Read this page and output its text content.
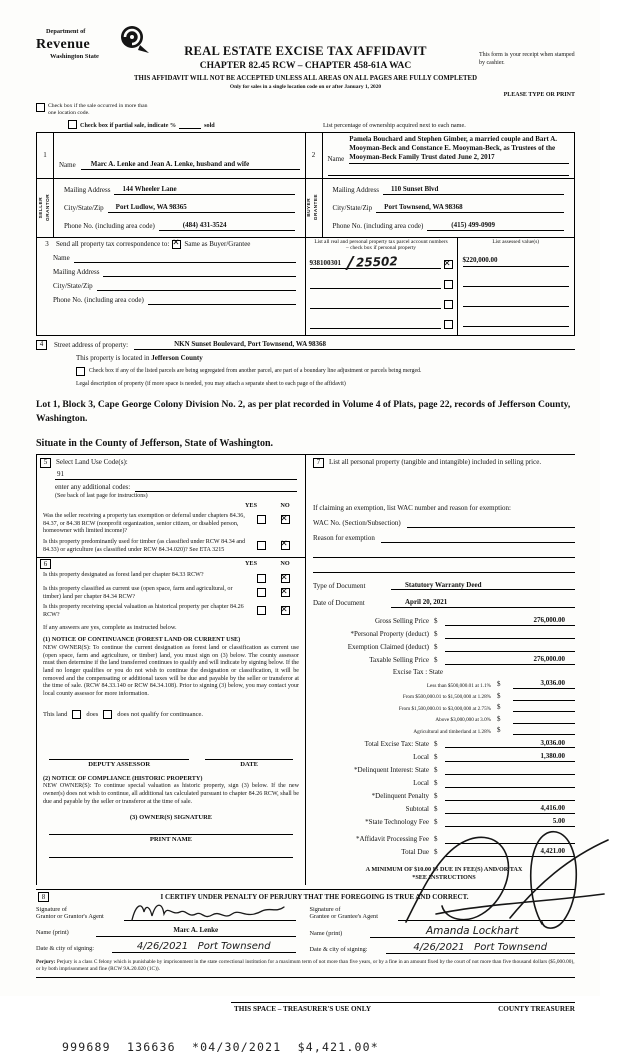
Department of
Revenue
Washington State	REAL ESTATE EXCISE TAX AFFIDAVIT
CHAPTER 82.45 RCW – CHAPTER 458-61A WAC
THIS AFFIDAVIT WILL NOT BE ACCEPTED UNLESS ALL AREAS ON ALL PAGES ARE FULLY COMPLETED
Only for sales in a single location code on or after January 1, 2020
This form is your receipt when stamped by cashier.
PLEASE TYPE OR PRINT
Check box if the sale occurred in more than one location code.
Check box if partial sale, indicate %	sold	List percentage of ownership acquired next to each name.
1
Name	Marc A. Lenke and Jean A. Lenke, husband and wife
2	Name
Pamela Bouchard and Stephen Gimber, a married couple and Bart A. Mooyman-Beck and Constance E. Mooyman-Beck, as Trustees of the Mooyman-Beck Family Trust dated June 2, 2017
SELLER GRANTOR
Mailing Address	144 Wheeler Lane
City/State/Zip	Port Ludlow, WA 98365
Phone No. (including area code)	(484) 431-3524
BUYER GRANTEE
Mailing Address	110 Sunset Blvd
City/State/Zip	Port Townsend, WA 98368
Phone No. (including area code)	(415) 499-0909
3	Send all property tax correspondence to: ✕ Same as Buyer/Grantee
Name
Mailing Address
City/State/Zip
Phone No. (including area code)
List all real and personal property tax parcel account numbers
– check box if personal property
938100301 25502
✕
List assessed value(s)
$220,000.00
4	Street address of property:	NKN Sunset Boulevard, Port Townsend, WA 98368
This property is located in Jefferson County
Check box if any of the listed parcels are being segregated from another parcel, are part of a boundary line adjustment or parcels being merged.
Legal description of property (if more space is needed, you may attach a separate sheet to each page of the affidavit)
Lot 1, Block 3, Cape George Colony Division No. 2, as per plat recorded in Volume 4 of Plats, page 22, records of Jefferson County, Washington.
Situate in the County of Jefferson, State of Washington.
5	Select Land Use Code(s):
91
enter any additional codes:
(See back of last page for instructions)
YES	NO
Was the seller receiving a property tax exemption or deferral under chapters 84.36, 84.37, or 84.38 RCW (nonprofit organization, senior citizen, or disabled person, homeowner with limited income)?
✕
Is this property predominantly used for timber (as classified under RCW 84.34 and 84.33) or agriculture (as classified under RCW 84.34.020)? See ETA 3215
✕
6	YES	NO
Is this property designated as forest land per chapter 84.33 RCW?
✕
Is this property classified as current use (open space, farm and agricultural, or timber) land per chapter 84.34 RCW?
✕
Is this property receiving special valuation as historical property per chapter 84.26 RCW?
✕
If any answers are yes, complete as instructed below.
(1) NOTICE OF CONTINUANCE (FOREST LAND OR CURRENT USE)
NEW OWNER(S): To continue the current designation as forest land or classification as current use (open space, farm and agriculture, or timber) land, you must sign on (3) below. The county assessor must then determine if the land transferred continues to qualify and will indicate by signing below. If the land no longer qualifies or you do not wish to continue the designation or classification, it will be removed and the compensating or additional taxes will be due and payable by the seller or transferor at the time of sale. (RCW 84.33.140 or RCW 84.34.108). Prior to signing (3) below, you may contact your local county assessor for more information.
This land	does	does not qualify for continuance.
DEPUTY ASSESSOR	DATE
(2) NOTICE OF COMPLIANCE (HISTORIC PROPERTY)
NEW OWNER(S): To continue special valuation as historic property, sign (3) below. If the new owner(s) does not wish to continue, all additional tax calculated pursuant to chapter 84.26 RCW, shall be due and payable by the seller or transferor at the time of sale.
(3) OWNER(S) SIGNATURE
PRINT NAME
7	List all personal property (tangible and intangible) included in selling price.
If claiming an exemption, list WAC number and reason for exemption:
WAC No. (Section/Subsection)
Reason for exemption
Type of Document	Statutory Warranty Deed
Date of Document	April 20, 2021
Gross Selling Price $	276,000.00
*Personal Property (deduct) $
Exemption Claimed (deduct) $
Taxable Selling Price $	276,000.00
Excise Tax : State
Less than $500,000.01 at 1.1% $	3,036.00
From $500,000.01 to $1,500,000 at 1.28% $
From $1,500,000.01 to $3,000,000 at 2.75% $
Above $3,000,000 at 3.0% $
Agricultural and timberland at 1.28% $
Total Excise Tax: State $	3,036.00
Local $	1,380.00
*Delinquent Interest: State $
Local $
*Delinquent Penalty $
Subtotal $	4,416.00
*State Technology Fee $	5.00
*Affidavit Processing Fee $
Total Due $	4,421.00
A MINIMUM OF $10.00 IS DUE IN FEE(S) AND/OR TAX
*SEE INSTRUCTIONS
8	I CERTIFY UNDER PENALTY OF PERJURY THAT THE FOREGOING IS TRUE AND CORRECT.
Signature of
Grantor or Grantor's Agent
Name (print)	Marc A. Lenke
Date & city of signing:	4/26/2021   Port Townsend
Signature of
Grantee or Grantee's Agent
Name (print)	Amanda Lockhart
Date & city of signing:	4/26/2021   Port Townsend
Perjury: Perjury is a class C felony which is punishable by imprisonment in the state correctional institution for a maximum term of not more than five years, or by a fine in an amount fixed by the court of not more than five thousand dollars ($5,000.00), or by both imprisonment and fine (RCW 9A.20.020 (1C)).
THIS SPACE – TREASURER'S USE ONLY	COUNTY TREASURER
999689  136636  *04/30/2021  $4,421.00*
